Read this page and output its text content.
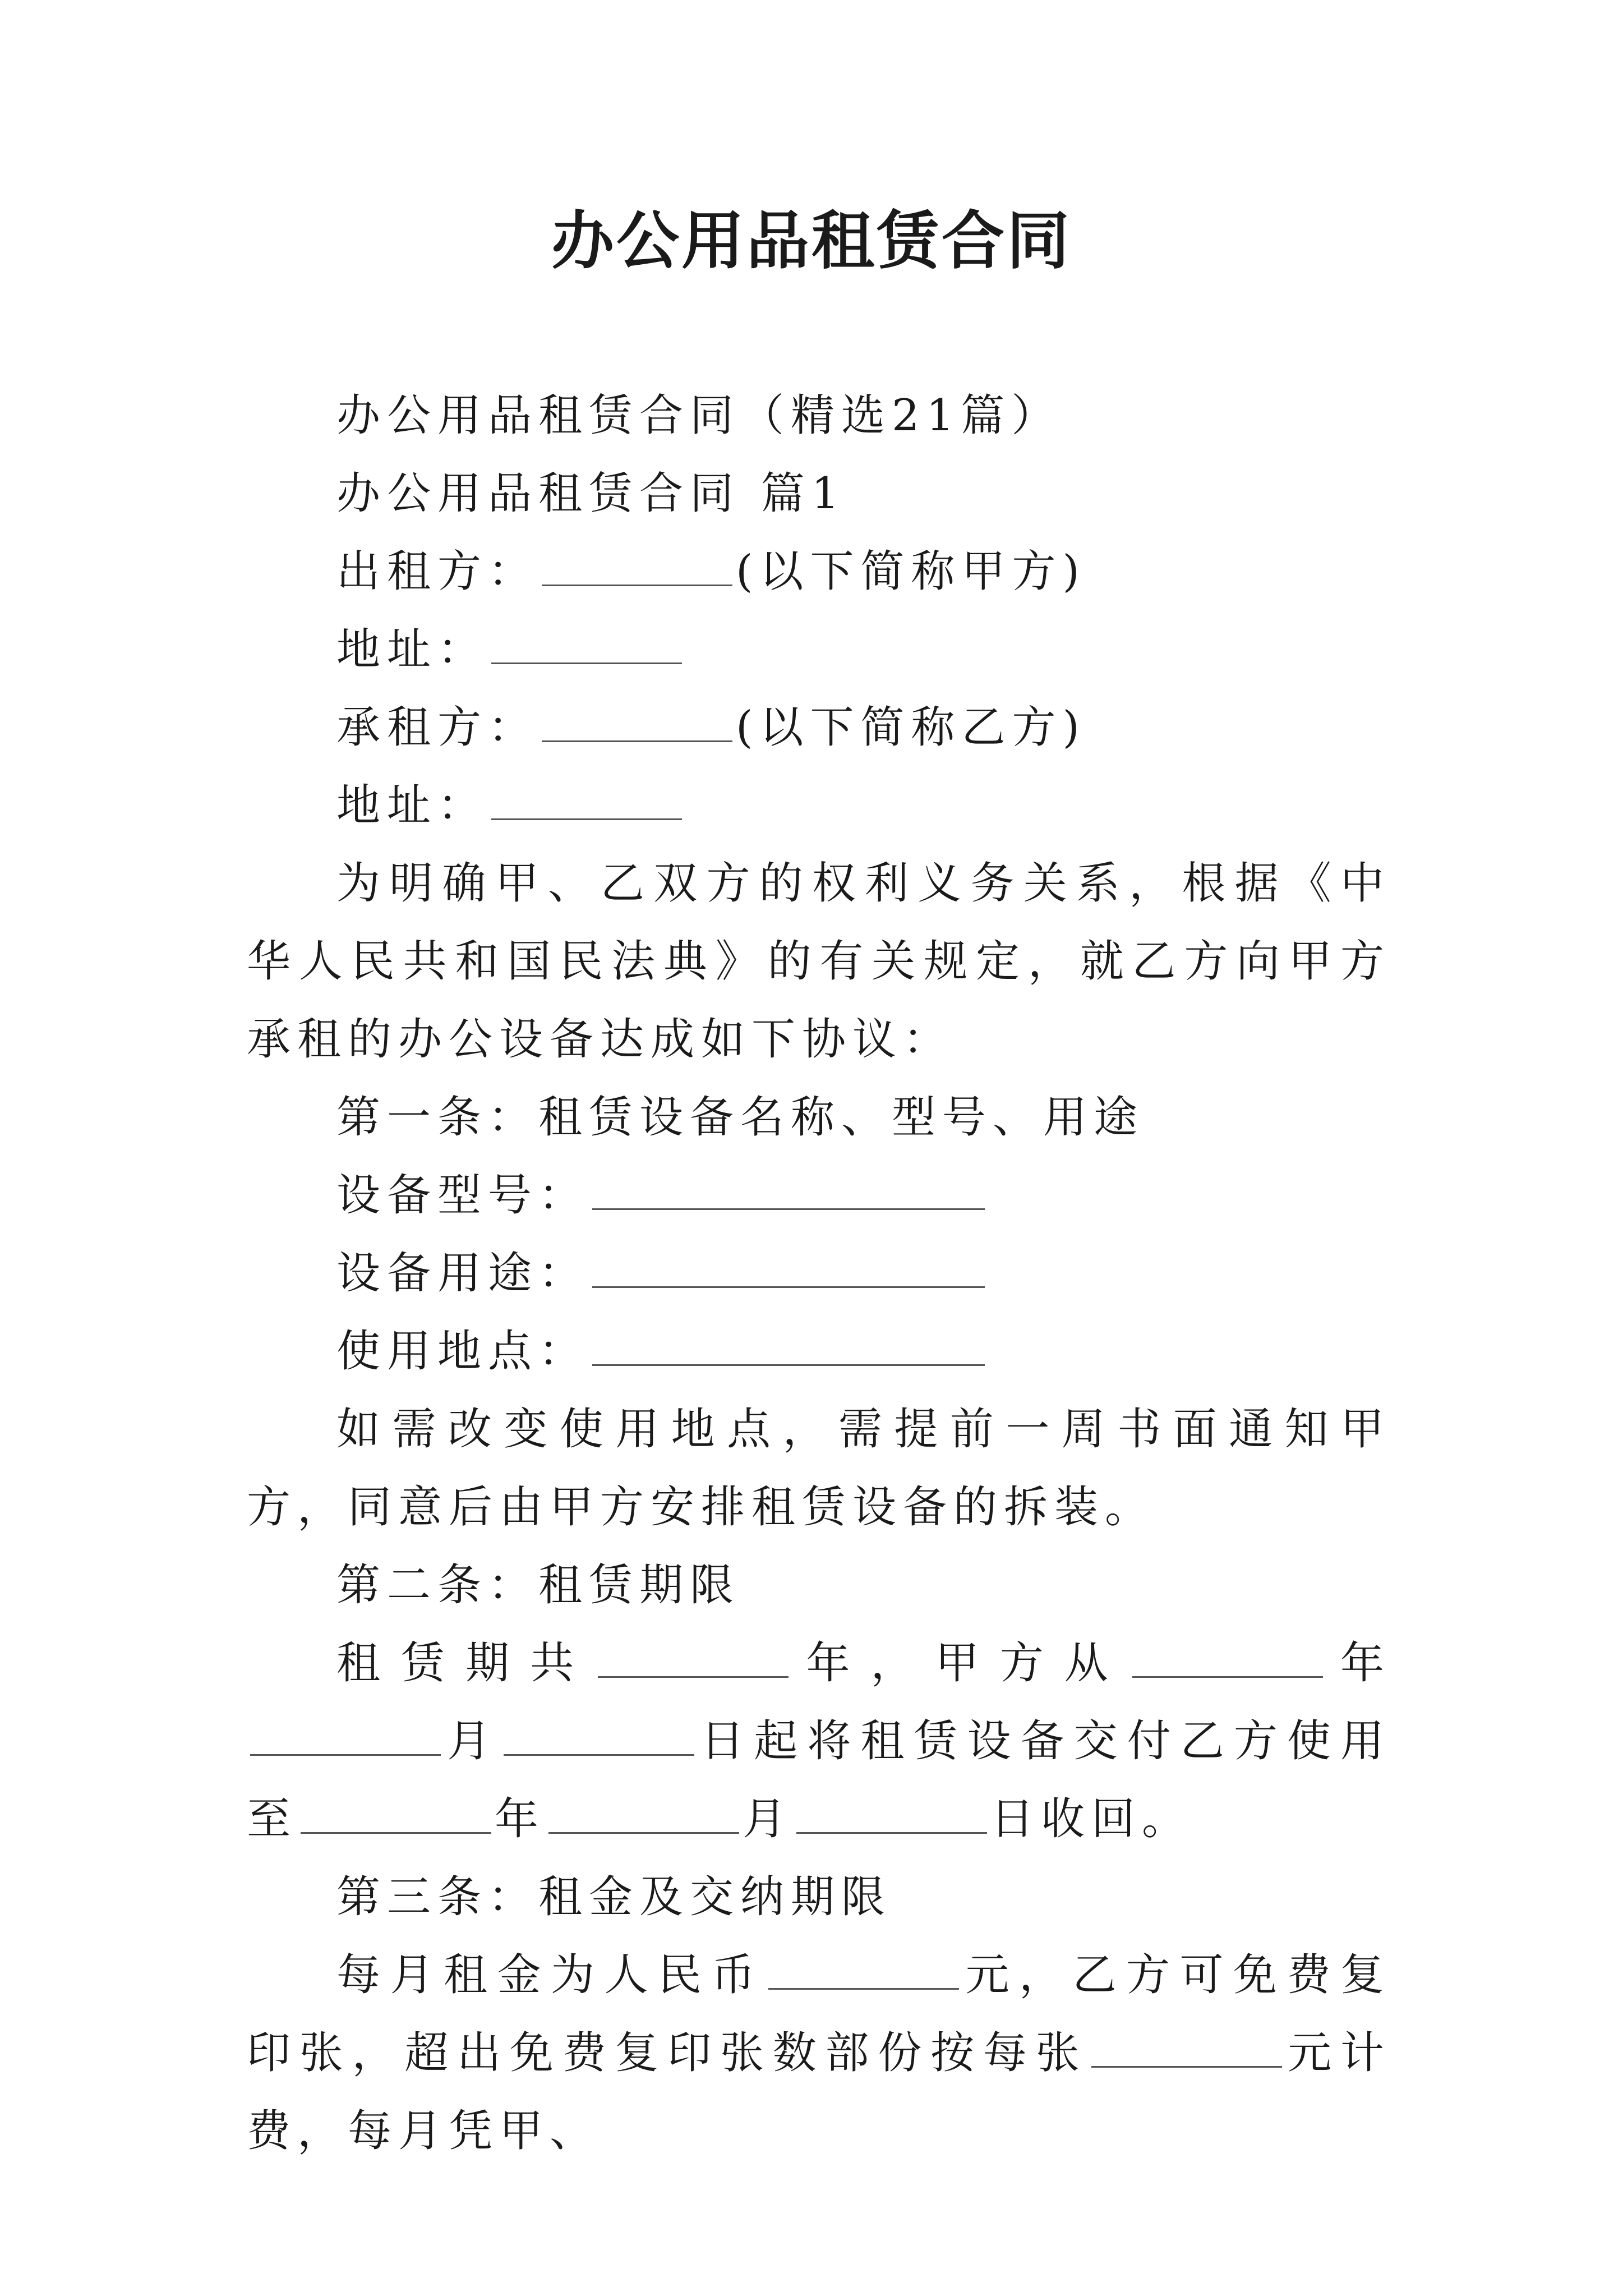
办公用品租赁合同

办公用品租赁合同（精选21篇）

办公用品租赁合同 篇1

出租方：	(以下简称甲方)

地址：

承租方：	(以下简称乙方)

地址：

为明确甲、乙双方的权利义务关系，根据《中华人民共和国民法典》的有关规定，就乙方向甲方承租的办公设备达成如下协议：

第一条：租赁设备名称、型号、用途

设备型号：

设备用途：

使用地点：

如需改变使用地点，需提前一周书面通知甲方，同意后由甲方安排租赁设备的拆装。

第二条：租赁期限

租赁期共	年，甲方从	年月	日起将租赁设备交付乙方使用至	年	月	日收回。

第三条：租金及交纳期限

每月租金为人民币	元，乙方可免费复印张，超出免费复印张数部份按每张	元计费，每月凭甲、
